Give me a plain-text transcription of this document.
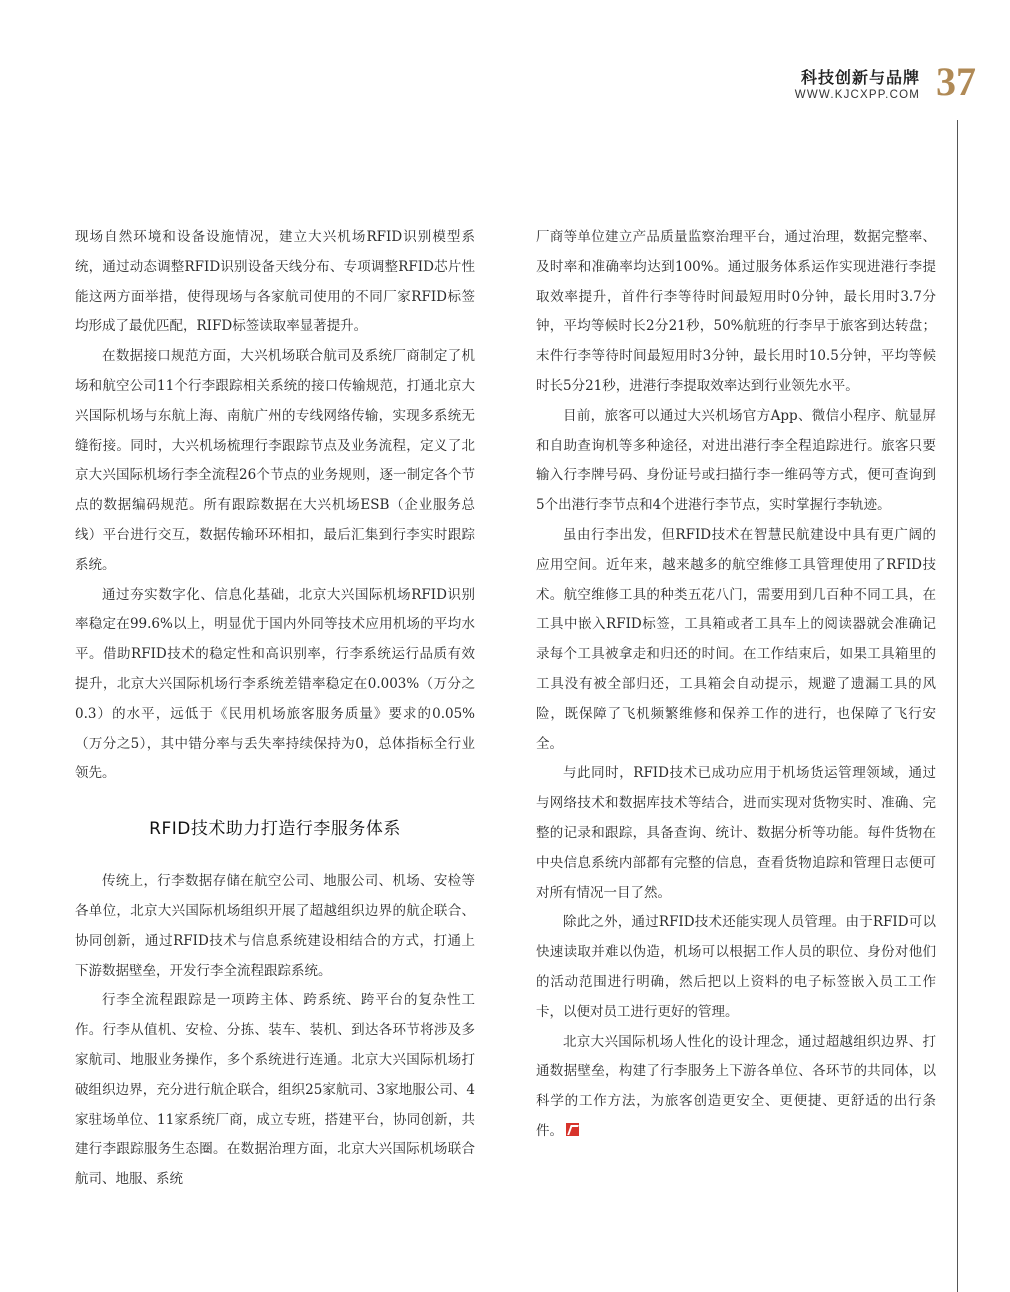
科技创新与品牌
WWW.KJCXPP.COM 37

现场自然环境和设备设施情况，建立大兴机场RFID识别模型系统，通过动态调整RFID识别设备天线分布、专项调整RFID芯片性能这两方面举措，使得现场与各家航司使用的不同厂家RFID标签均形成了最优匹配，RIFD标签读取率显著提升。

在数据接口规范方面，大兴机场联合航司及系统厂商制定了机场和航空公司11个行李跟踪相关系统的接口传输规范，打通北京大兴国际机场与东航上海、南航广州的专线网络传输，实现多系统无缝衔接。同时，大兴机场梳理行李跟踪节点及业务流程，定义了北京大兴国际机场行李全流程26个节点的业务规则，逐一制定各个节点的数据编码规范。所有跟踪数据在大兴机场ESB（企业服务总线）平台进行交互，数据传输环环相扣，最后汇集到行李实时跟踪系统。

通过夯实数字化、信息化基础，北京大兴国际机场RFID识别率稳定在99.6%以上，明显优于国内外同等技术应用机场的平均水平。借助RFID技术的稳定性和高识别率，行李系统运行品质有效提升，北京大兴国际机场行李系统差错率稳定在0.003%（万分之0.3）的水平，远低于《民用机场旅客服务质量》要求的0.05%（万分之5），其中错分率与丢失率持续保持为0，总体指标全行业领先。

RFID技术助力打造行李服务体系

传统上，行李数据存储在航空公司、地服公司、机场、安检等各单位，北京大兴国际机场组织开展了超越组织边界的航企联合、协同创新，通过RFID技术与信息系统建设相结合的方式，打通上下游数据壁垒，开发行李全流程跟踪系统。

行李全流程跟踪是一项跨主体、跨系统、跨平台的复杂性工作。行李从值机、安检、分拣、装车、装机、到达各环节将涉及多家航司、地服业务操作，多个系统进行连通。北京大兴国际机场打破组织边界，充分进行航企联合，组织25家航司、3家地服公司、4家驻场单位、11家系统厂商，成立专班，搭建平台，协同创新，共建行李跟踪服务生态圈。在数据治理方面，北京大兴国际机场联合航司、地服、系统

厂商等单位建立产品质量监察治理平台，通过治理，数据完整率、及时率和准确率均达到100%。通过服务体系运作实现进港行李提取效率提升，首件行李等待时间最短用时0分钟，最长用时3.7分钟，平均等候时长2分21秒，50%航班的行李早于旅客到达转盘；末件行李等待时间最短用时3分钟，最长用时10.5分钟，平均等候时长5分21秒，进港行李提取效率达到行业领先水平。

目前，旅客可以通过大兴机场官方App、微信小程序、航显屏和自助查询机等多种途径，对进出港行李全程追踪进行。旅客只要输入行李牌号码、身份证号或扫描行李一维码等方式，便可查询到5个出港行李节点和4个进港行李节点，实时掌握行李轨迹。

虽由行李出发，但RFID技术在智慧民航建设中具有更广阔的应用空间。近年来，越来越多的航空维修工具管理使用了RFID技术。航空维修工具的种类五花八门，需要用到几百种不同工具，在工具中嵌入RFID标签，工具箱或者工具车上的阅读器就会准确记录每个工具被拿走和归还的时间。在工作结束后，如果工具箱里的工具没有被全部归还，工具箱会自动提示，规避了遗漏工具的风险，既保障了飞机频繁维修和保养工作的进行，也保障了飞行安全。

与此同时，RFID技术已成功应用于机场货运管理领域，通过与网络技术和数据库技术等结合，进而实现对货物实时、准确、完整的记录和跟踪，具备查询、统计、数据分析等功能。每件货物在中央信息系统内部都有完整的信息，查看货物追踪和管理日志便可对所有情况一目了然。

除此之外，通过RFID技术还能实现人员管理。由于RFID可以快速读取并难以伪造，机场可以根据工作人员的职位、身份对他们的活动范围进行明确，然后把以上资料的电子标签嵌入员工工作卡，以便对员工进行更好的管理。

北京大兴国际机场人性化的设计理念，通过超越组织边界、打通数据壁垒，构建了行李服务上下游各单位、各环节的共同体，以科学的工作方法，为旅客创造更安全、更便捷、更舒适的出行条件。
